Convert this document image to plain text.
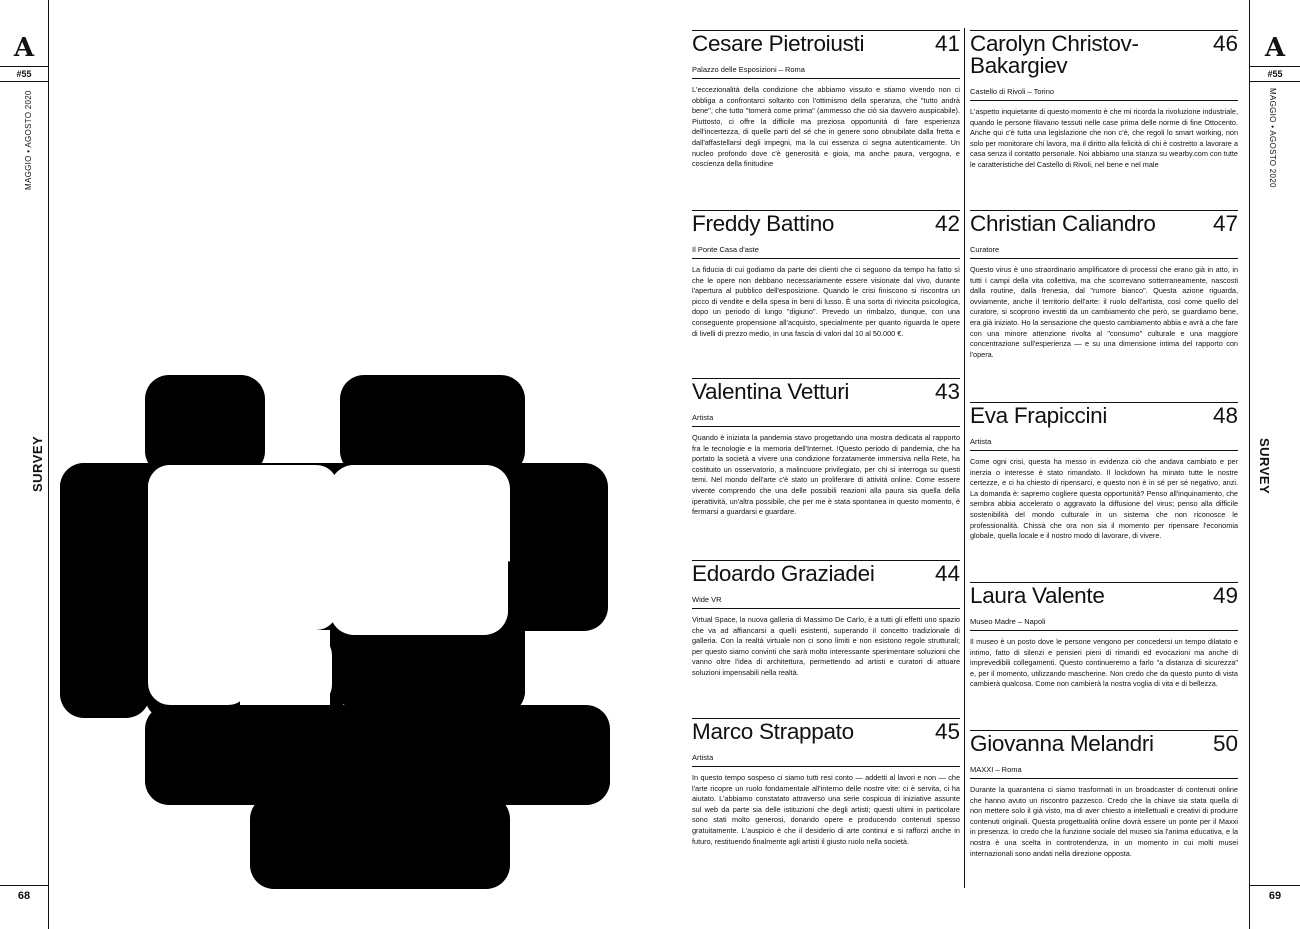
A
#55
MAGGIO • AGOSTO 2020
SURVEY
68
Cesare Pietroiusti	41
Palazzo delle Esposizioni – Roma
L'eccezionalità della condizione che abbiamo vissuto e stiamo vivendo non ci obbliga a confrontarci soltanto con l'ottimismo della speranza, che "tutto andrà bene", che tutto "tornerà come prima" (ammesso che ciò sia davvero auspicabile). Piuttosto, ci offre la difficile ma preziosa opportunità di fare esperienza dell'incertezza, di quelle parti del sé che in genere sono obnubilate dalla fretta e dall'affastellarsi degli impegni, ma la cui essenza ci segna autenticamente. Un nucleo profondo dove c'è generosità e gioia, ma anche paura, vergogna, e coscienza della finitudine
Freddy Battino	42
Il Ponte Casa d'aste
La fiducia di cui godiamo da parte dei clienti che ci seguono da tempo ha fatto sì che le opere non debbano necessariamente essere visionate dal vivo, durante l'apertura al pubblico dell'esposizione. Quando le crisi finiscono si riscontra un picco di vendite e della spesa in beni di lusso. È una sorta di rivincita psicologica, dopo un periodo di lungo "digiuno". Prevedo un rimbalzo, dunque, con una conseguente propensione all'acquisto, specialmente per quanto riguarda le opere di livelli di prezzo medio, in una fascia di valori dal 10 al 50.000 €.
Valentina Vetturi	43
Artista
Quando è iniziata la pandemia stavo progettando una mostra dedicata al rapporto fra le tecnologie e la memoria dell'Internet. !Questo periodo di pandemia, che ha portato la società a vivere una condizione forzatamente immersiva nella Rete, ha costituito un osservatorio, a malincuore privilegiato, per chi si interroga su questi temi. Nel mondo dell'arte c'è stato un proliferare di attività online. Come essere vivente comprendo che una delle possibili reazioni alla paura sia quella della iperattività, un'altra possibile, che per me è stata spontanea in questo momento, è fermarsi a guardarsi e guardare.
Edoardo Graziadei	44
Wide VR
Virtual Space, la nuova galleria di Massimo De Carlo, è a tutti gli effetti uno spazio che va ad affiancarsi a quelli esistenti, superando il concetto tradizionale di galleria. Con la realtà virtuale non ci sono limiti e non esistono regole strutturali; per questo siamo convinti che sarà molto interessante sperimentare soluzioni che vanno oltre l'idea di architettura, permettendo ad artisti e curatori di attuare soluzioni impensabili nella realtà.
Marco Strappato	45
Artista
In questo tempo sospeso ci siamo tutti resi conto — addetti al lavori e non — che l'arte ricopre un ruolo fondamentale all'interno delle nostre vite: ci è servita, ci ha aiutato. L'abbiamo constatato attraverso una serie cospicua di iniziative assunte sul web da parte sia delle istituzioni che degli artisti; questi ultimi in particolare sono stati molto generosi, donando opere e producendo contenuti spesso gratuitamente. L'auspicio è che il desiderio di arte continui e si rafforzi anche in futuro, restituendo finalmente agli artisti il giusto ruolo nella società.
Carolyn Christov-Bakargiev
46
Castello di Rivoli – Torino
L'aspetto inquietante di questo momento è che mi ricorda la rivoluzione industriale, quando le persone filavano tessuti nelle case prima delle norme di fine Ottocento. Anche qui c'è tutta una legislazione che non c'è, che regoli lo smart working, non solo per monitorare chi lavora, ma il diritto alla felicità di chi è costretto a lavorare a casa senza il contatto personale. Noi abbiamo una stanza su wearby.com con tutte le caratteristiche del Castello di Rivoli, nel bene e nel male
Christian Caliandro	47
Curatore
Questo virus è uno straordinario amplificatore di processi che erano già in atto, in tutti i campi della vita collettiva, ma che scorrevano sotterraneamente, nascosti dalla routine, dalla frenesia, dal "rumore bianco". Questa azione riguarda, ovviamente, anche il territorio dell'arte: il ruolo dell'artista, così come quello del curatore, si scoprono investiti da un cambiamento che però, se guardiamo bene, era già iniziato. Ho la sensazione che questo cambiamento abbia e avrà a che fare con una minore attenzione rivolta al "consumo" culturale e una maggiore concentrazione sull'esperienza — e su una dimensione intima del rapporto con l'opera.
Eva Frapiccini	48
Artista
Come ogni crisi, questa ha messo in evidenza ciò che andava cambiato e per inerzia o interesse è stato rimandato. Il lockdown ha minato tutte le nostre certezze, e ci ha chiesto di ripensarci, e questo non è in sé per sé negativo, anzi. La domanda è: sapremo cogliere questa opportunità? Penso all'inquinamento, che sembra abbia accelerato o aggravato la diffusione del virus; penso alla difficile sostenibilità del mondo culturale in un sistema che non riconosce le professionalità. Chissà che ora non sia il momento per ripensare l'economia globale, quella locale e il nostro modo di lavorare, di vivere.
Laura Valente	49
Museo Madre – Napoli
Il museo è un posto dove le persone vengono per concedersi un tempo dilatato e intimo, fatto di silenzi e pensieri pieni di rimandi ed evocazioni ma anche di imprevedibili collegamenti. Questo continueremo a farlo "a distanza di sicurezza" e, per il momento, utilizzando mascherine. Non credo che da questo punto di vista cambierà qualcosa. Come non cambierà la nostra voglia di vita e di bellezza.
Giovanna Melandri	50
MAXXI – Roma
Durante la quarantena ci siamo trasformati in un broadcaster di contenuti online che hanno avuto un riscontro pazzesco. Credo che la chiave sia stata quella di non mettere solo il già visto, ma di aver chiesto a intellettuali e creativi di produrre contenuti originali. Questa progettualità online dovrà essere un ponte per il Maxxi in presenza. Io credo che la funzione sociale del museo sia l'anima educativa, e la nostra è una scelta in controtendenza, in un momento in cui molti musei internazionali sono andati nella direzione opposta.
A
#55
MAGGIO • AGOSTO 2020
SURVEY
69
